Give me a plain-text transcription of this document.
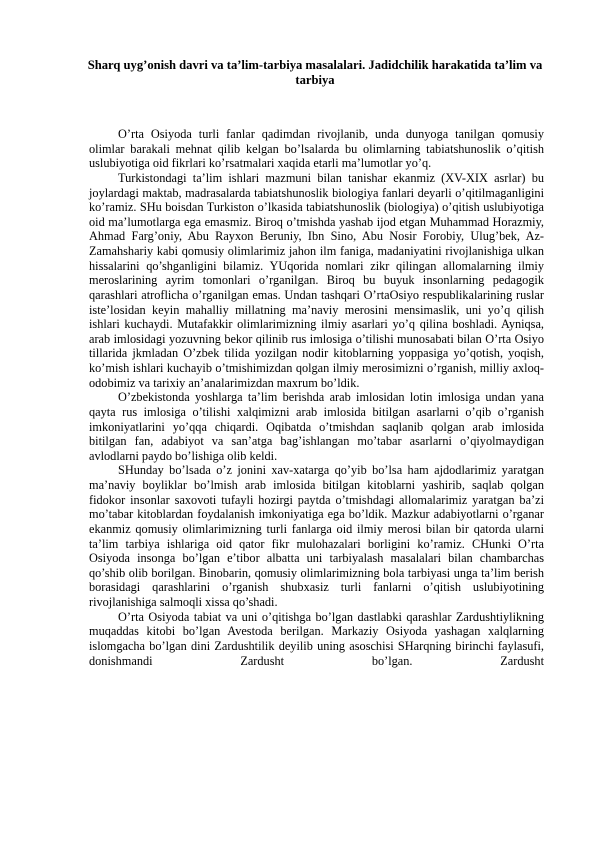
Sharq uyg’onish davri va ta’lim-tarbiya masalalari. Jadidchilik harakatida ta’lim va tarbiya

O’rta Osiyoda turli fanlar qadimdan rivojlanib, unda dunyoga tanilgan qomusiy olimlar barakali mehnat qilib kelgan bo’lsalarda bu olimlarning tabiatshunoslik o’qitish uslubiyotiga oid fikrlari ko’rsatmalari xaqida etarli ma’lumotlar yo’q.

Turkistondagi ta’lim ishlari mazmuni bilan tanishar ekanmiz (XV-XIX asrlar) bu joylardagi maktab, madrasalarda tabiatshunoslik biologiya fanlari deyarli o’qitilmaganligini ko’ramiz. SHu boisdan Turkiston o’lkasida tabiatshunoslik (biologiya) o’qitish uslubiyotiga oid ma’lumotlarga ega emasmiz. Biroq o’tmishda yashab ijod etgan Muhammad Horazmiy, Ahmad Farg’oniy, Abu Rayxon Beruniy, Ibn Sino, Abu Nosir Forobiy, Ulug’bek, Az-Zamahshariy kabi qomusiy olimlarimiz jahon ilm faniga, madaniyatini rivojlanishiga ulkan hissalarini qo’shganligini bilamiz. YUqorida nomlari zikr qilingan allomalarning ilmiy meroslarining ayrim tomonlari o’rganilgan. Biroq bu buyuk insonlarning pedagogik qarashlari atroflicha o’rganilgan emas. Undan tashqari O’rtaOsiyo respublikalarining ruslar iste’losidan keyin mahalliy millatning ma’naviy merosini mensimaslik, uni yo’q qilish ishlari kuchaydi. Mutafakkir olimlarimizning ilmiy asarlari yo’q qilina boshladi. Ayniqsa, arab imlosidagi yozuvning bekor qilinib rus imlosiga o’tilishi munosabati bilan O’rta Osiyo tillarida jkmladan O’zbek tilida yozilgan nodir kitoblarning yoppasiga yo’qotish, yoqish, ko’mish ishlari kuchayib o’tmishimizdan qolgan ilmiy merosimizni o’rganish, milliy axloq-odobimiz va tarixiy an’analarimizdan maxrum bo’ldik.

O’zbekistonda yoshlarga ta’lim berishda arab imlosidan lotin imlosiga undan yana qayta rus imlosiga o’tilishi xalqimizni arab imlosida bitilgan asarlarni o’qib o’rganish imkoniyatlarini yo’qqa chiqardi. Oqibatda o’tmishdan saqlanib qolgan arab imlosida bitilgan fan, adabiyot va san’atga bag’ishlangan mo’tabar asarlarni o’qiyolmaydigan avlodlarni paydo bo’lishiga olib keldi.

SHunday bo’lsada o’z jonini xav-xatarga qo’yib bo’lsa ham ajdodlarimiz yaratgan ma’naviy boyliklar bo’lmish arab imlosida bitilgan kitoblarni yashirib, saqlab qolgan fidokor insonlar saxovoti tufayli hozirgi paytda o’tmishdagi allomalarimiz yaratgan ba’zi mo’tabar kitoblardan foydalanish imkoniyatiga ega bo’ldik. Mazkur adabiyotlarni o’rganar ekanmiz qomusiy olimlarimizning turli fanlarga oid ilmiy merosi bilan bir qatorda ularni ta’lim tarbiya ishlariga oid qator fikr mulohazalari borligini ko’ramiz. CHunki O’rta Osiyoda insonga bo’lgan e’tibor albatta uni tarbiyalash masalalari bilan chambarchas qo’shib olib borilgan. Binobarin, qomusiy olimlarimizning bola tarbiyasi unga ta’lim berish borasidagi qarashlarini o’rganish shubxasiz turli fanlarni o’qitish uslubiyotining rivojlanishiga salmoqli xissa qo’shadi.

O’rta Osiyoda tabiat va uni o’qitishga bo’lgan dastlabki qarashlar Zardushtiylikning muqaddas kitobi bo’lgan Avestoda berilgan. Markaziy Osiyoda yashagan xalqlarning islomgacha bo’lgan dini Zardushtilik deyilib uning asoschisi SHarqning birinchi faylasufi, donishmandi Zardusht bo’lgan. Zardusht
